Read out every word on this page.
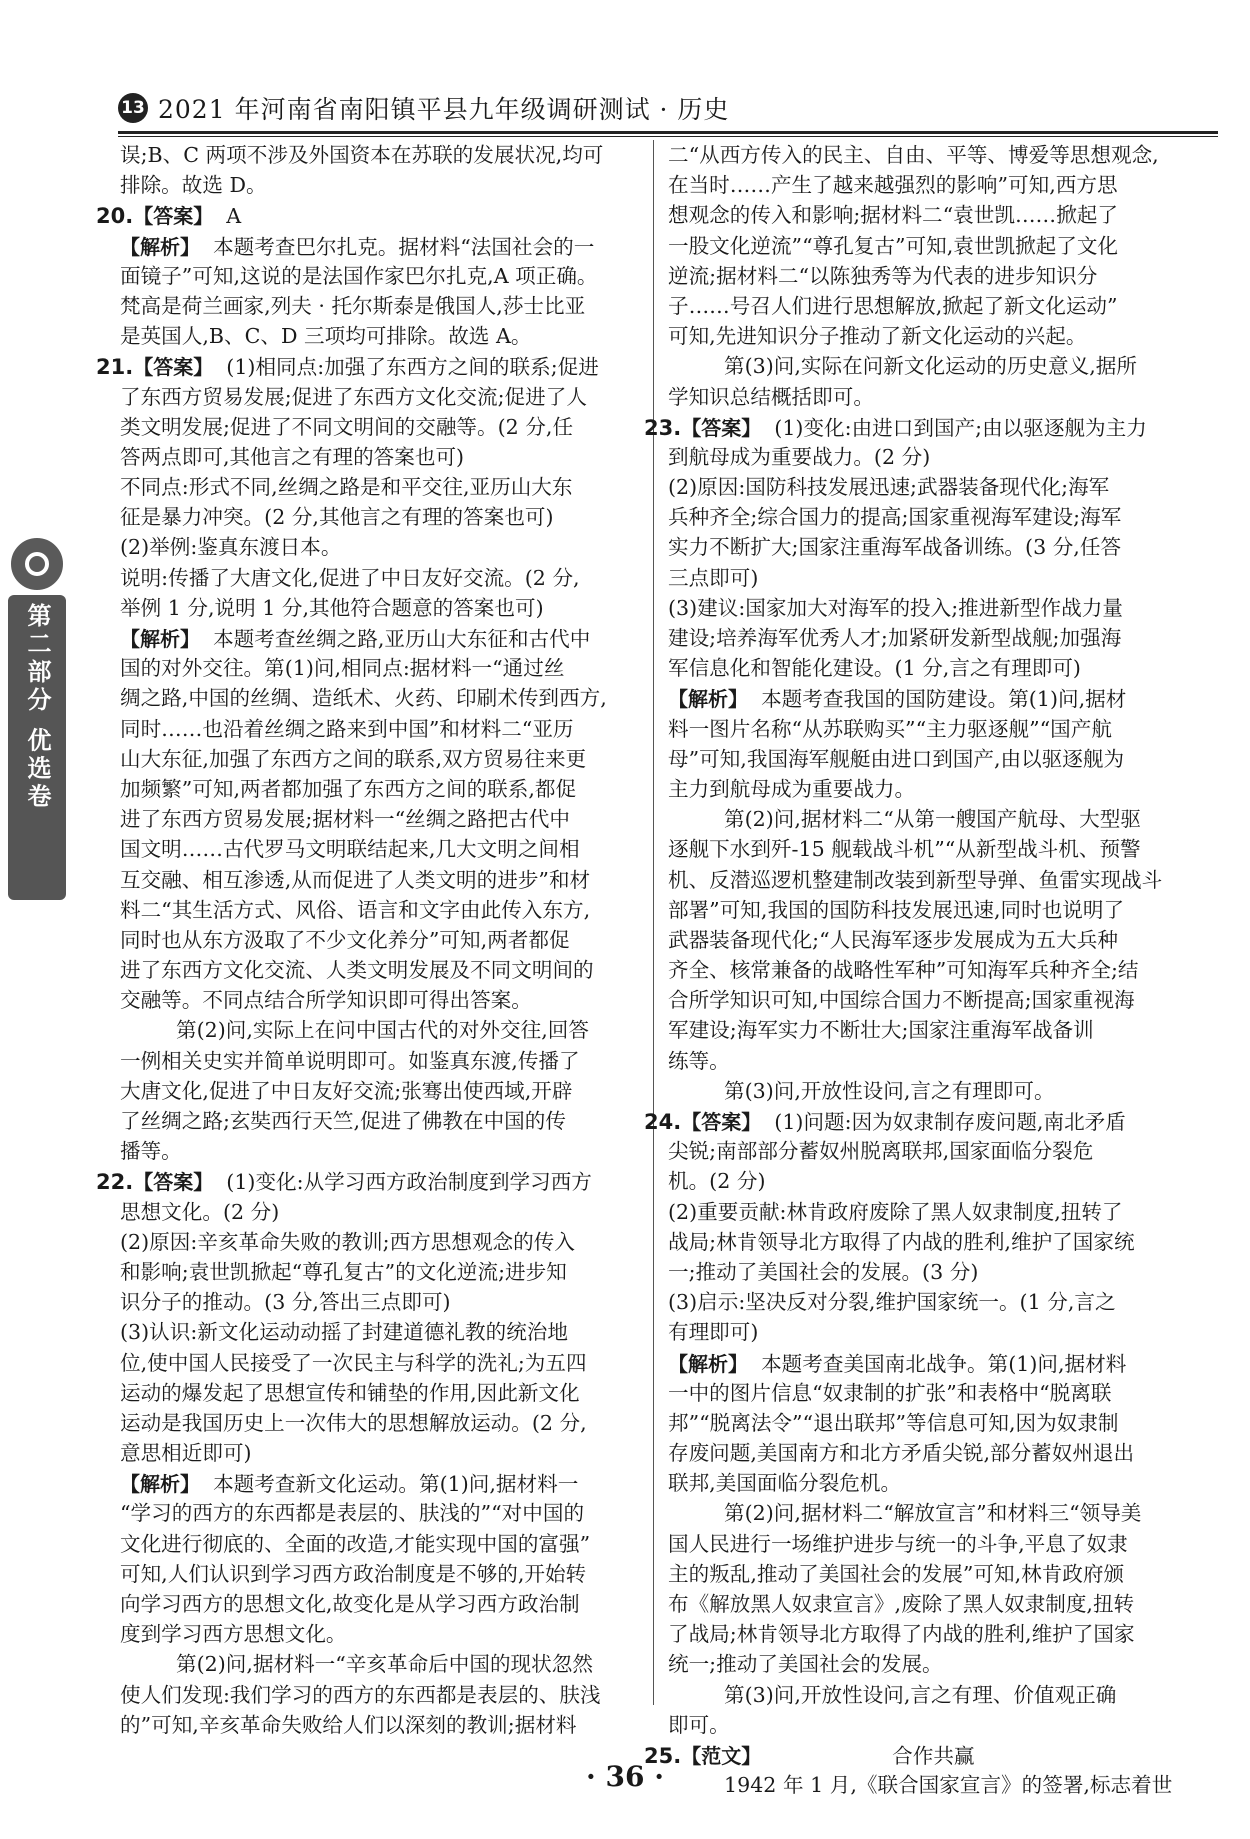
13 2021 年河南省南阳镇平县九年级调研测试 · 历史
第二部分 优选卷
误;B、C 两项不涉及外国资本在苏联的发展状况,均可
排除。故选 D。
20.【答案】  A
【解析】  本题考查巴尔扎克。据材料“法国社会的一
面镜子”可知,这说的是法国作家巴尔扎克,A 项正确。
梵高是荷兰画家,列夫 · 托尔斯泰是俄国人,莎士比亚
是英国人,B、C、D 三项均可排除。故选 A。
21.【答案】  (1)相同点:加强了东西方之间的联系;促进
了东西方贸易发展;促进了东西方文化交流;促进了人
类文明发展;促进了不同文明间的交融等。(2 分,任
答两点即可,其他言之有理的答案也可)
不同点:形式不同,丝绸之路是和平交往,亚历山大东
征是暴力冲突。(2 分,其他言之有理的答案也可)
(2)举例:鉴真东渡日本。
说明:传播了大唐文化,促进了中日友好交流。(2 分,
举例 1 分,说明 1 分,其他符合题意的答案也可)
【解析】  本题考查丝绸之路,亚历山大东征和古代中
国的对外交往。第(1)问,相同点:据材料一“通过丝
绸之路,中国的丝绸、造纸术、火药、印刷术传到西方,
同时……也沿着丝绸之路来到中国”和材料二“亚历
山大东征,加强了东西方之间的联系,双方贸易往来更
加频繁”可知,两者都加强了东西方之间的联系,都促
进了东西方贸易发展;据材料一“丝绸之路把古代中
国文明……古代罗马文明联结起来,几大文明之间相
互交融、相互渗透,从而促进了人类文明的进步”和材
料二“其生活方式、风俗、语言和文字由此传入东方,
同时也从东方汲取了不少文化养分”可知,两者都促
进了东西方文化交流、人类文明发展及不同文明间的
交融等。不同点结合所学知识即可得出答案。
第(2)问,实际上在问中国古代的对外交往,回答
一例相关史实并简单说明即可。如鉴真东渡,传播了
大唐文化,促进了中日友好交流;张骞出使西域,开辟
了丝绸之路;玄奘西行天竺,促进了佛教在中国的传
播等。
22.【答案】  (1)变化:从学习西方政治制度到学习西方
思想文化。(2 分)
(2)原因:辛亥革命失败的教训;西方思想观念的传入
和影响;袁世凯掀起“尊孔复古”的文化逆流;进步知
识分子的推动。(3 分,答出三点即可)
(3)认识:新文化运动动摇了封建道德礼教的统治地
位,使中国人民接受了一次民主与科学的洗礼;为五四
运动的爆发起了思想宣传和铺垫的作用,因此新文化
运动是我国历史上一次伟大的思想解放运动。(2 分,
意思相近即可)
【解析】  本题考查新文化运动。第(1)问,据材料一
“学习的西方的东西都是表层的、肤浅的”“对中国的
文化进行彻底的、全面的改造,才能实现中国的富强”
可知,人们认识到学习西方政治制度是不够的,开始转
向学习西方的思想文化,故变化是从学习西方政治制
度到学习西方思想文化。
第(2)问,据材料一“辛亥革命后中国的现状忽然
使人们发现:我们学习的西方的东西都是表层的、肤浅
的”可知,辛亥革命失败给人们以深刻的教训;据材料
二“从西方传入的民主、自由、平等、博爱等思想观念,
在当时……产生了越来越强烈的影响”可知,西方思
想观念的传入和影响;据材料二“袁世凯……掀起了
一股文化逆流”“尊孔复古”可知,袁世凯掀起了文化
逆流;据材料二“以陈独秀等为代表的进步知识分
子……号召人们进行思想解放,掀起了新文化运动”
可知,先进知识分子推动了新文化运动的兴起。
第(3)问,实际在问新文化运动的历史意义,据所
学知识总结概括即可。
23.【答案】  (1)变化:由进口到国产;由以驱逐舰为主力
到航母成为重要战力。(2 分)
(2)原因:国防科技发展迅速;武器装备现代化;海军
兵种齐全;综合国力的提高;国家重视海军建设;海军
实力不断扩大;国家注重海军战备训练。(3 分,任答
三点即可)
(3)建议:国家加大对海军的投入;推进新型作战力量
建设;培养海军优秀人才;加紧研发新型战舰;加强海
军信息化和智能化建设。(1 分,言之有理即可)
【解析】  本题考查我国的国防建设。第(1)问,据材
料一图片名称“从苏联购买”“主力驱逐舰”“国产航
母”可知,我国海军舰艇由进口到国产,由以驱逐舰为
主力到航母成为重要战力。
第(2)问,据材料二“从第一艘国产航母、大型驱
逐舰下水到歼-15 舰载战斗机”“从新型战斗机、预警
机、反潜巡逻机整建制改装到新型导弹、鱼雷实现战斗
部署”可知,我国的国防科技发展迅速,同时也说明了
武器装备现代化;“人民海军逐步发展成为五大兵种
齐全、核常兼备的战略性军种”可知海军兵种齐全;结
合所学知识可知,中国综合国力不断提高;国家重视海
军建设;海军实力不断壮大;国家注重海军战备训
练等。
第(3)问,开放性设问,言之有理即可。
24.【答案】  (1)问题:因为奴隶制存废问题,南北矛盾
尖锐;南部部分蓄奴州脱离联邦,国家面临分裂危
机。(2 分)
(2)重要贡献:林肯政府废除了黑人奴隶制度,扭转了
战局;林肯领导北方取得了内战的胜利,维护了国家统
一;推动了美国社会的发展。(3 分)
(3)启示:坚决反对分裂,维护国家统一。(1 分,言之
有理即可)
【解析】  本题考查美国南北战争。第(1)问,据材料
一中的图片信息“奴隶制的扩张”和表格中“脱离联
邦”“脱离法令”“退出联邦”等信息可知,因为奴隶制
存废问题,美国南方和北方矛盾尖锐,部分蓄奴州退出
联邦,美国面临分裂危机。
第(2)问,据材料二“解放宣言”和材料三“领导美
国人民进行一场维护进步与统一的斗争,平息了奴隶
主的叛乱,推动了美国社会的发展”可知,林肯政府颁
布《解放黑人奴隶宣言》,废除了黑人奴隶制度,扭转
了战局;林肯领导北方取得了内战的胜利,维护了国家
统一;推动了美国社会的发展。
第(3)问,开放性设问,言之有理、价值观正确
即可。
25.【范文】                    合作共赢
1942 年 1 月,《联合国家宣言》的签署,标志着世
· 36 ·
